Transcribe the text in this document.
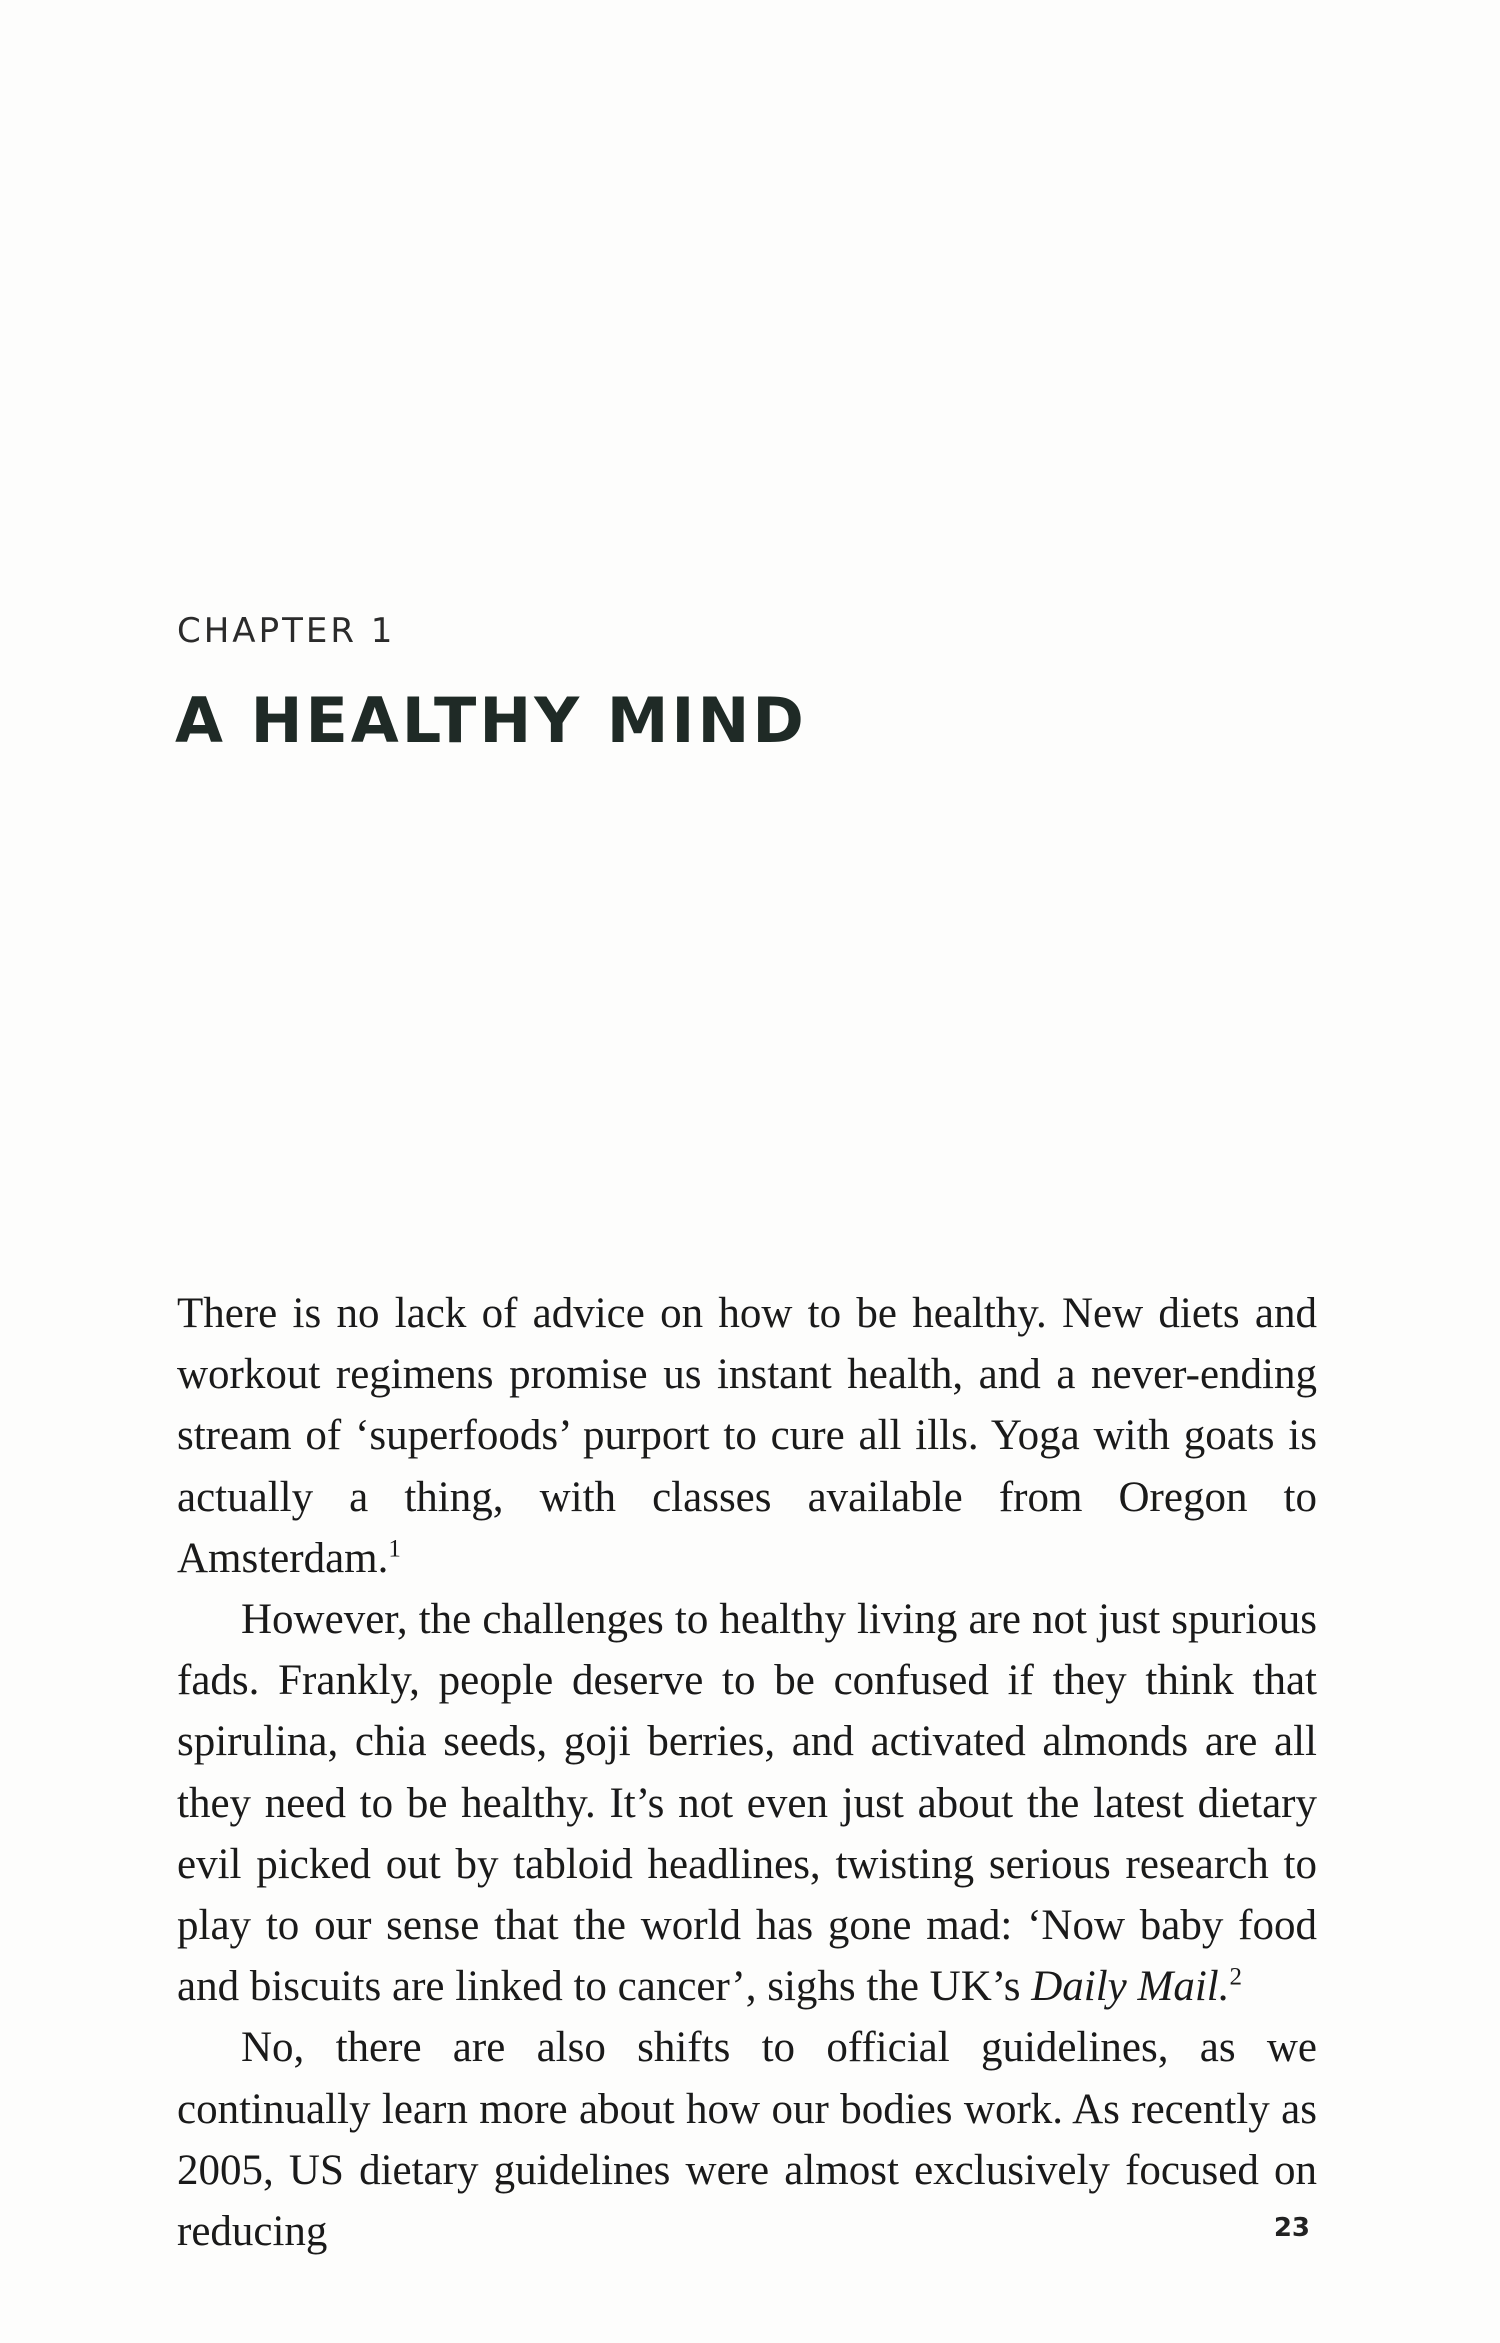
CHAPTER 1
A HEALTHY MIND

There is no lack of advice on how to be healthy. New diets and workout regimens promise us instant health, and a never-ending stream of ‘superfoods’ purport to cure all ills. Yoga with goats is actually a thing, with classes available from Oregon to Amsterdam.$^1$

However, the challenges to healthy living are not just spurious fads. Frankly, people deserve to be confused if they think that spirulina, chia seeds, goji berries, and activated almonds are all they need to be healthy. It’s not even just about the latest dietary evil picked out by tabloid headlines, twisting serious research to play to our sense that the world has gone mad: ‘Now baby food and biscuits are linked to cancer’, sighs the UK’s Daily Mail.$^2$

No, there are also shifts to official guidelines, as we continually learn more about how our bodies work. As recently as 2005, US dietary guidelines were almost exclusively focused on reducing	23
